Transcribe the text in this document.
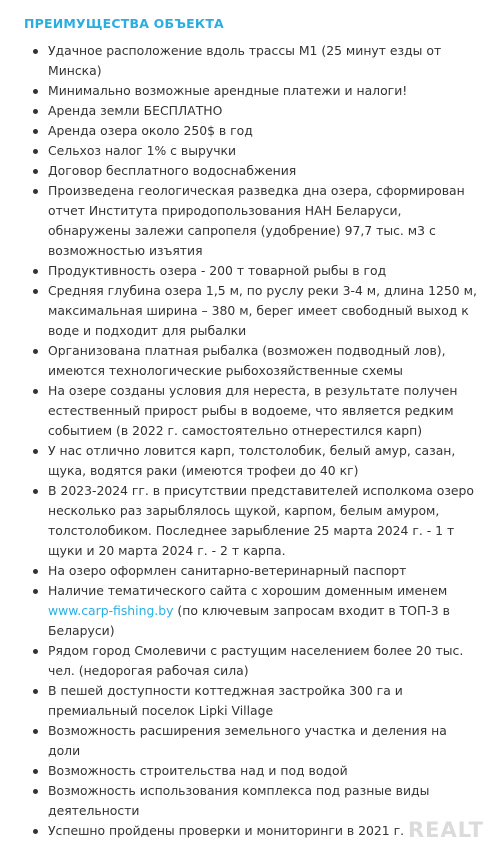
ПРЕИМУЩЕСТВА ОБЪЕКТА
Удачное расположение вдоль трассы М1 (25 минут езды от Минска)
Минимально возможные арендные платежи и налоги!
Аренда земли БЕСПЛАТНО
Аренда озера около 250$ в год
Сельхоз налог 1% с выручки
Договор бесплатного водоснабжения
Произведена геологическая разведка дна озера, сформирован отчет Института природопользования НАН Беларуси, обнаружены залежи сапропеля (удобрение) 97,7 тыс. м3 с возможностью изъятия
Продуктивность озера - 200 т товарной рыбы в год
Средняя глубина озера 1,5 м, по руслу реки 3-4 м, длина 1250 м, максимальная ширина – 380 м, берег имеет свободный выход к воде и подходит для рыбалки
Организована платная рыбалка (возможен подводный лов), имеются технологические рыбохозяйственные схемы
На озере созданы условия для нереста, в результате получен естественный прирост рыбы в водоеме, что является редким событием (в 2022 г. самостоятельно отнерестился карп)
У нас отлично ловится карп, толстолобик, белый амур, сазан, щука, водятся раки (имеются трофеи до 40 кг)
В 2023-2024 гг. в присутствии представителей исполкома озеро несколько раз зарыблялось щукой, карпом, белым амуром, толстолобиком. Последнее зарыбление 25 марта 2024 г. - 1 т щуки и 20 марта 2024 г. - 2 т карпа.
На озеро оформлен санитарно-ветеринарный паспорт
Наличие тематического сайта с хорошим доменным именем www.carp-fishing.by (по ключевым запросам входит в ТОП-3 в Беларуси)
Рядом город Смолевичи с растущим населением более 20 тыс. чел. (недорогая рабочая сила)
В пешей доступности коттеджная застройка 300 га и премиальный поселок Lipki Village
Возможность расширения земельного участка и деления на доли
Возможность строительства над и под водой
Возможность использования комплекса под разные виды деятельности
Успешно пройдены проверки и мониторинги в 2021 г. REALT
